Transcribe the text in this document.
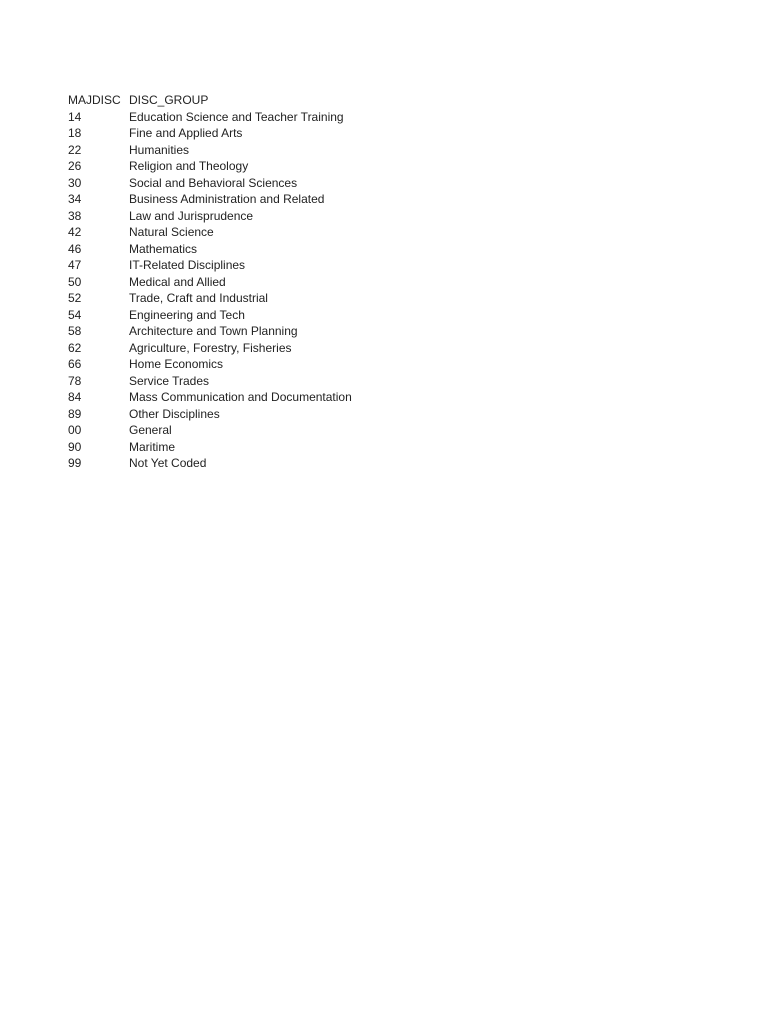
MAJDISC DISC_GROUP
14	Education Science and Teacher Training
18	Fine and Applied Arts
22	Humanities
26	Religion and Theology
30	Social and Behavioral Sciences
34	Business Administration and Related
38	Law and Jurisprudence
42	Natural Science
46	Mathematics
47	IT-Related Disciplines
50	Medical and Allied
52	Trade, Craft and Industrial
54	Engineering and Tech
58	Architecture and Town Planning
62	Agriculture, Forestry, Fisheries
66	Home Economics
78	Service Trades
84	Mass Communication and Documentation
89	Other Disciplines
00	General
90	Maritime
99	Not Yet Coded
